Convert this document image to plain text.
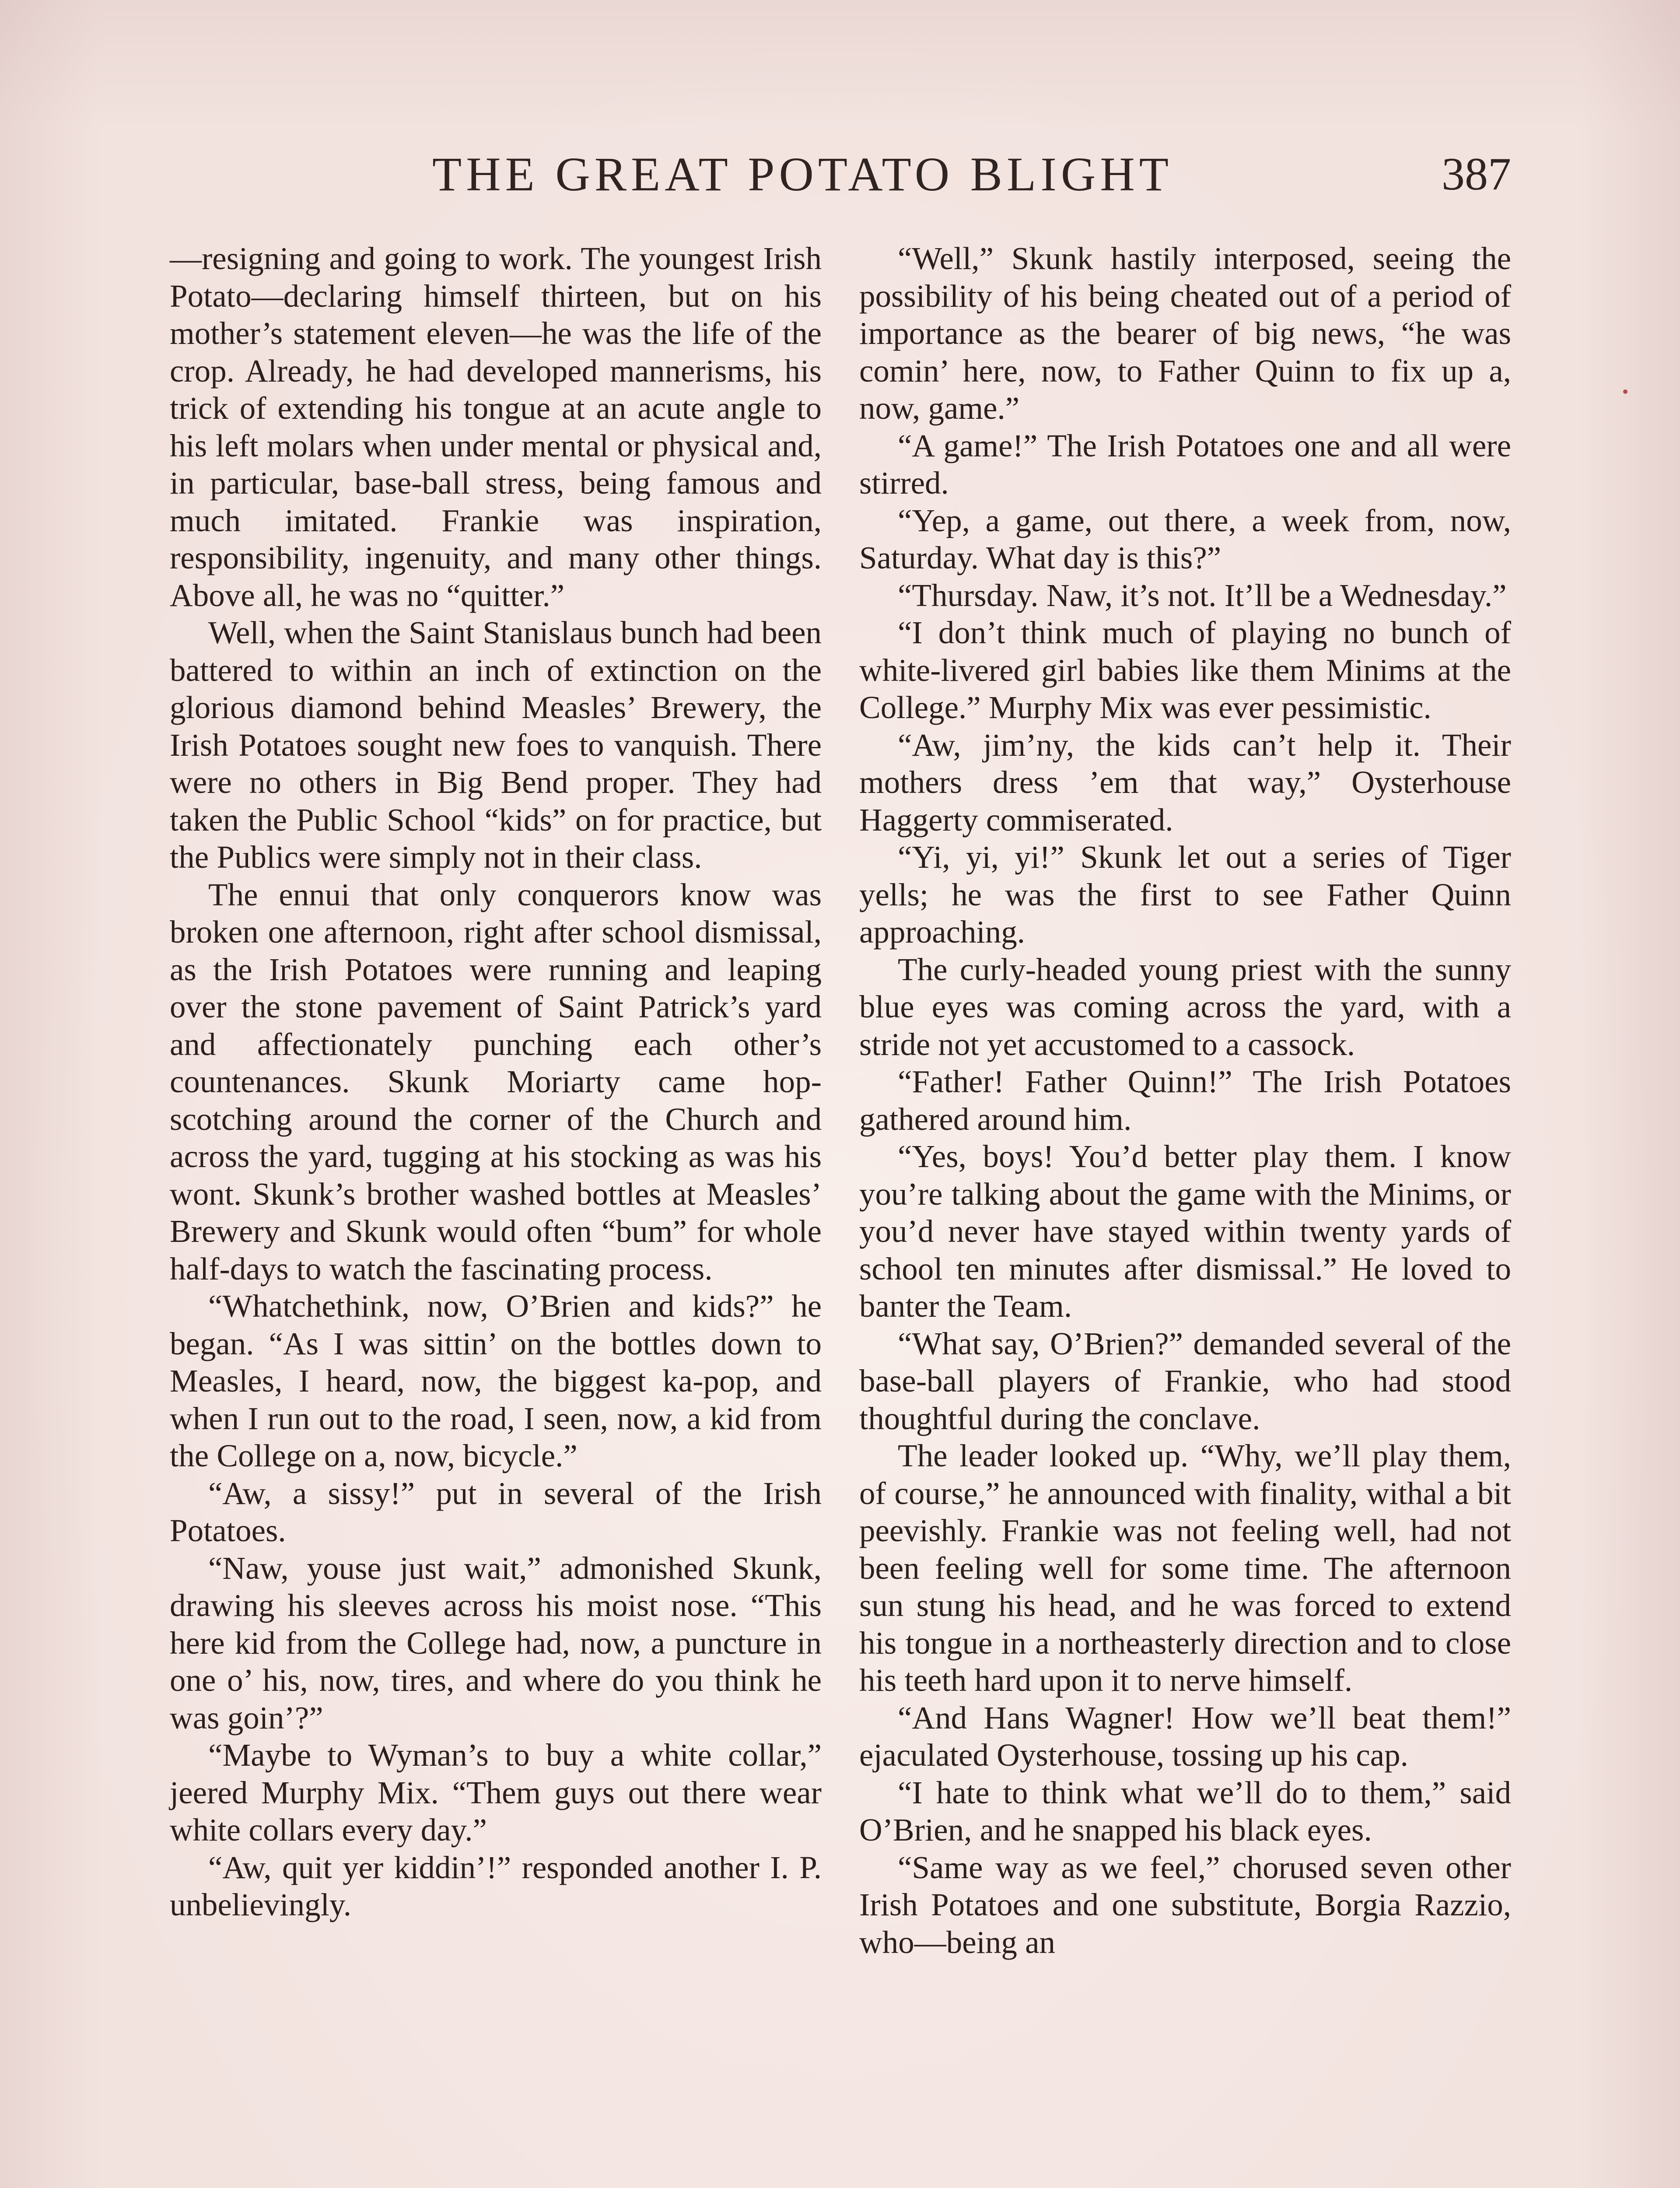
THE GREAT POTATO BLIGHT	387

—resigning and going to work. The youngest Irish Potato—declaring himself thirteen, but on his mother’s statement eleven—he was the life of the crop. Already, he had developed mannerisms, his trick of extending his tongue at an acute angle to his left molars when under mental or physical and, in particular, base-ball stress, being famous and much imitated. Frankie was inspiration, responsibility, ingenuity, and many other things. Above all, he was no “quitter.”

Well, when the Saint Stanislaus bunch had been battered to within an inch of extinction on the glorious diamond behind Measles’ Brewery, the Irish Potatoes sought new foes to vanquish. There were no others in Big Bend proper. They had taken the Public School “kids” on for practice, but the Publics were simply not in their class.

The ennui that only conquerors know was broken one afternoon, right after school dismissal, as the Irish Potatoes were running and leaping over the stone pavement of Saint Patrick’s yard and affectionately punching each other’s countenances. Skunk Moriarty came hop-scotching around the corner of the Church and across the yard, tugging at his stocking as was his wont. Skunk’s brother washed bottles at Measles’ Brewery and Skunk would often “bum” for whole half-days to watch the fascinating process.

“Whatchethink, now, O’Brien and kids?” he began. “As I was sittin’ on the bottles down to Measles, I heard, now, the biggest ka-pop, and when I run out to the road, I seen, now, a kid from the College on a, now, bicycle.”

“Aw, a sissy!” put in several of the Irish Potatoes.

“Naw, youse just wait,” admonished Skunk, drawing his sleeves across his moist nose. “This here kid from the College had, now, a puncture in one o’ his, now, tires, and where do you think he was goin’?”

“Maybe to Wyman’s to buy a white collar,” jeered Murphy Mix. “Them guys out there wear white collars every day.”

“Aw, quit yer kiddin’!” responded another I. P. unbelievingly.

“Well,” Skunk hastily interposed, seeing the possibility of his being cheated out of a period of importance as the bearer of big news, “he was comin’ here, now, to Father Quinn to fix up a, now, game.”

“A game!” The Irish Potatoes one and all were stirred.

“Yep, a game, out there, a week from, now, Saturday. What day is this?”

“Thursday. Naw, it’s not. It’ll be a Wednesday.”

“I don’t think much of playing no bunch of white-livered girl babies like them Minims at the College.” Murphy Mix was ever pessimistic.

“Aw, jim’ny, the kids can’t help it. Their mothers dress ’em that way,” Oysterhouse Haggerty commiserated.

“Yi, yi, yi!” Skunk let out a series of Tiger yells; he was the first to see Father Quinn approaching.

The curly-headed young priest with the sunny blue eyes was coming across the yard, with a stride not yet accustomed to a cassock.

“Father! Father Quinn!” The Irish Potatoes gathered around him.

“Yes, boys! You’d better play them. I know you’re talking about the game with the Minims, or you’d never have stayed within twenty yards of school ten minutes after dismissal.” He loved to banter the Team.

“What say, O’Brien?” demanded several of the base-ball players of Frankie, who had stood thoughtful during the conclave.

The leader looked up. “Why, we’ll play them, of course,” he announced with finality, withal a bit peevishly. Frankie was not feeling well, had not been feeling well for some time. The afternoon sun stung his head, and he was forced to extend his tongue in a northeasterly direction and to close his teeth hard upon it to nerve himself.

“And Hans Wagner! How we’ll beat them!” ejaculated Oysterhouse, tossing up his cap.

“I hate to think what we’ll do to them,” said O’Brien, and he snapped his black eyes.

“Same way as we feel,” chorused seven other Irish Potatoes and one substitute, Borgia Razzio, who—being an
